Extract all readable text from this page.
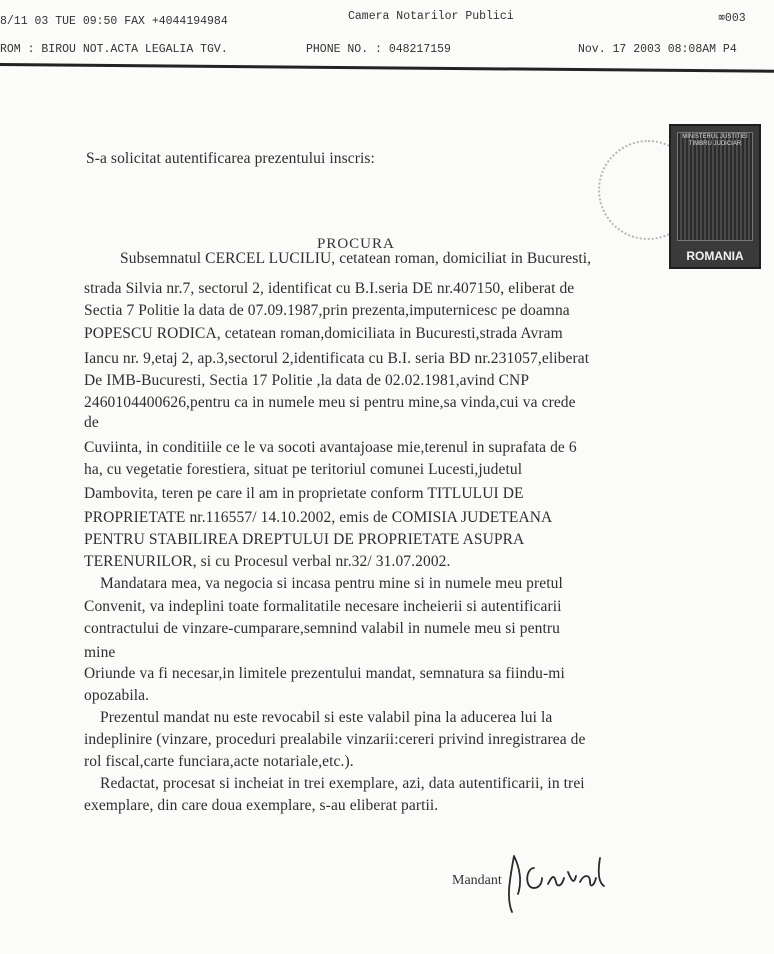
8/11 03 TUE 09:50 FAX +4044194984	Camera Notarilor Publici	⌧003
ROM : BIROU NOT.ACTA LEGALIA TGV.	PHONE NO. : 048217159	Nov. 17 2003 08:08AM P4
MINISTERUL JUSTITIEI TIMBRU JUDICIAR
ROMANIA
S-a solicitat autentificarea prezentului inscris:
PROCURA
Subsemnatul CERCEL LUCILIU, cetatean roman, domiciliat in Bucuresti,
strada Silvia nr.7, sectorul 2, identificat cu B.I.seria DE nr.407150, eliberat de
Sectia 7 Politie la data de 07.09.1987,prin prezenta,imputernicesc pe doamna
POPESCU RODICA, cetatean roman,domiciliata in Bucuresti,strada Avram
Iancu nr. 9,etaj 2, ap.3,sectorul 2,identificata cu B.I. seria BD nr.231057,eliberat
De IMB-Bucuresti, Sectia 17 Politie ,la data de 02.02.1981,avind CNP
2460104400626,pentru ca in numele meu si pentru mine,sa vinda,cui va crede
de
Cuviinta, in conditiile ce le va socoti avantajoase mie,terenul in suprafata de 6
ha, cu vegetatie forestiera, situat pe teritoriul comunei Lucesti,judetul
Dambovita, teren pe care il am in proprietate conform TITLULUI DE
PROPRIETATE nr.116557/ 14.10.2002, emis de COMISIA JUDETEANA
PENTRU STABILIREA DREPTULUI DE PROPRIETATE ASUPRA
TERENURILOR, si cu Procesul verbal nr.32/ 31.07.2002.
Mandatara mea, va negocia si incasa pentru mine si in numele meu pretul
Convenit, va indeplini toate formalitatile necesare incheierii si autentificarii
contractului de vinzare-cumparare,semnind valabil in numele meu si pentru
mine
Oriunde va fi necesar,in limitele prezentului mandat, semnatura sa fiindu-mi
opozabila.
Prezentul mandat nu este revocabil si este valabil pina la aducerea lui la
indeplinire (vinzare, proceduri prealabile vinzarii:cereri privind inregistrarea de
rol fiscal,carte funciara,acte notariale,etc.).
Redactat, procesat si incheiat in trei exemplare, azi, data autentificarii, in trei
exemplare, din care doua exemplare, s-au eliberat partii.
Mandant
